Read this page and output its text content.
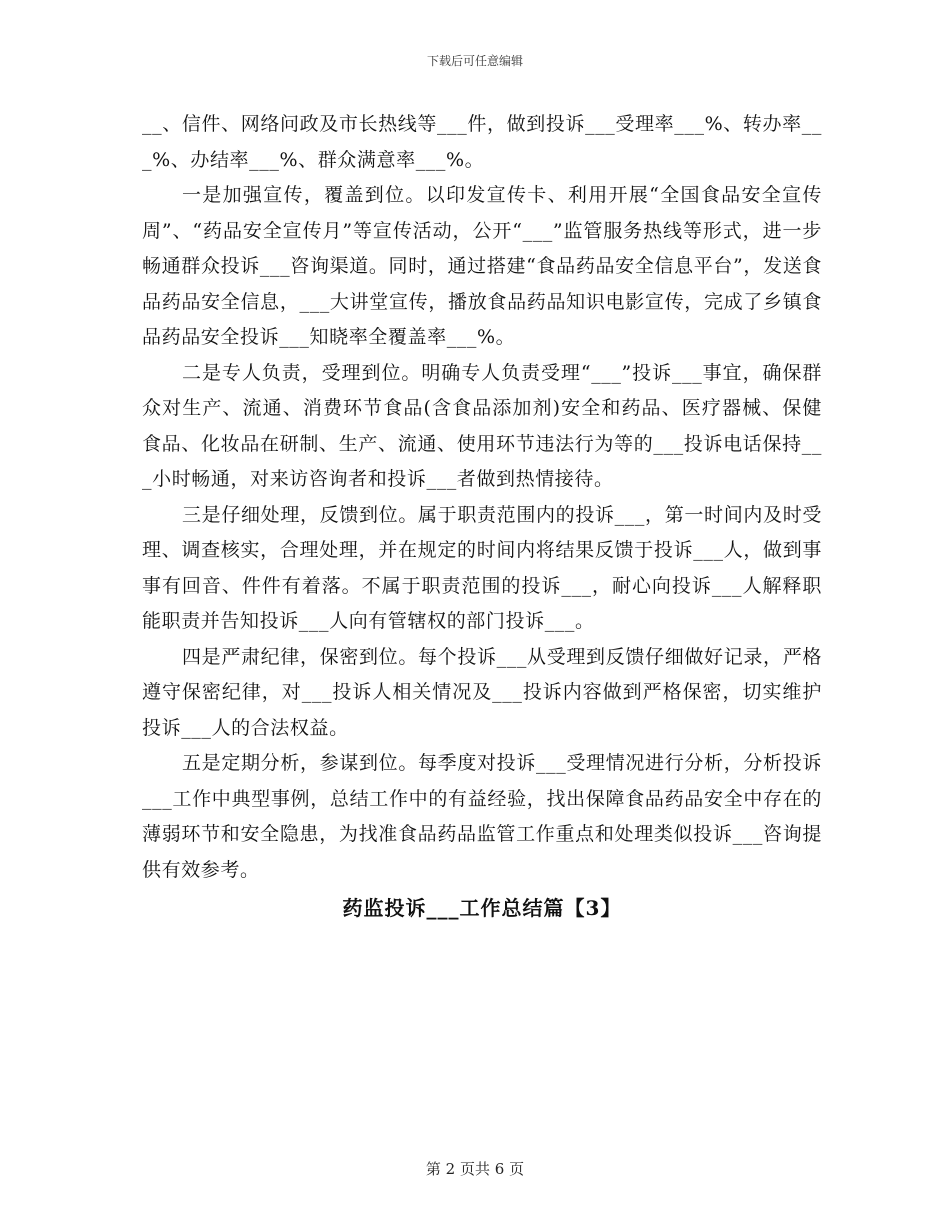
下载后可任意编辑

__、信件、网络问政及市长热线等___件，做到投诉___受理率___%、转办率___%、办结率___%、群众满意率___%。

一是加强宣传，覆盖到位。以印发宣传卡、利用开展“全国食品安全宣传周”、“药品安全宣传月”等宣传活动，公开“___”监管服务热线等形式，进一步畅通群众投诉___咨询渠道。同时，通过搭建“食品药品安全信息平台”，发送食品药品安全信息，___大讲堂宣传，播放食品药品知识电影宣传，完成了乡镇食品药品安全投诉___知晓率全覆盖率___%。

二是专人负责，受理到位。明确专人负责受理“___”投诉___事宜，确保群众对生产、流通、消费环节食品(含食品添加剂)安全和药品、医疗器械、保健食品、化妆品在研制、生产、流通、使用环节违法行为等的___投诉电话保持___小时畅通，对来访咨询者和投诉___者做到热情接待。

三是仔细处理，反馈到位。属于职责范围内的投诉___，第一时间内及时受理、调查核实，合理处理，并在规定的时间内将结果反馈于投诉___人，做到事事有回音、件件有着落。不属于职责范围的投诉___，耐心向投诉___人解释职能职责并告知投诉___人向有管辖权的部门投诉___。

四是严肃纪律，保密到位。每个投诉___从受理到反馈仔细做好记录，严格遵守保密纪律，对___投诉人相关情况及___投诉内容做到严格保密，切实维护投诉___人的合法权益。

五是定期分析，参谋到位。每季度对投诉___受理情况进行分析，分析投诉___工作中典型事例，总结工作中的有益经验，找出保障食品药品安全中存在的薄弱环节和安全隐患，为找准食品药品监管工作重点和处理类似投诉___咨询提供有效参考。

药监投诉___工作总结篇【3】

第 2 页共 6 页
